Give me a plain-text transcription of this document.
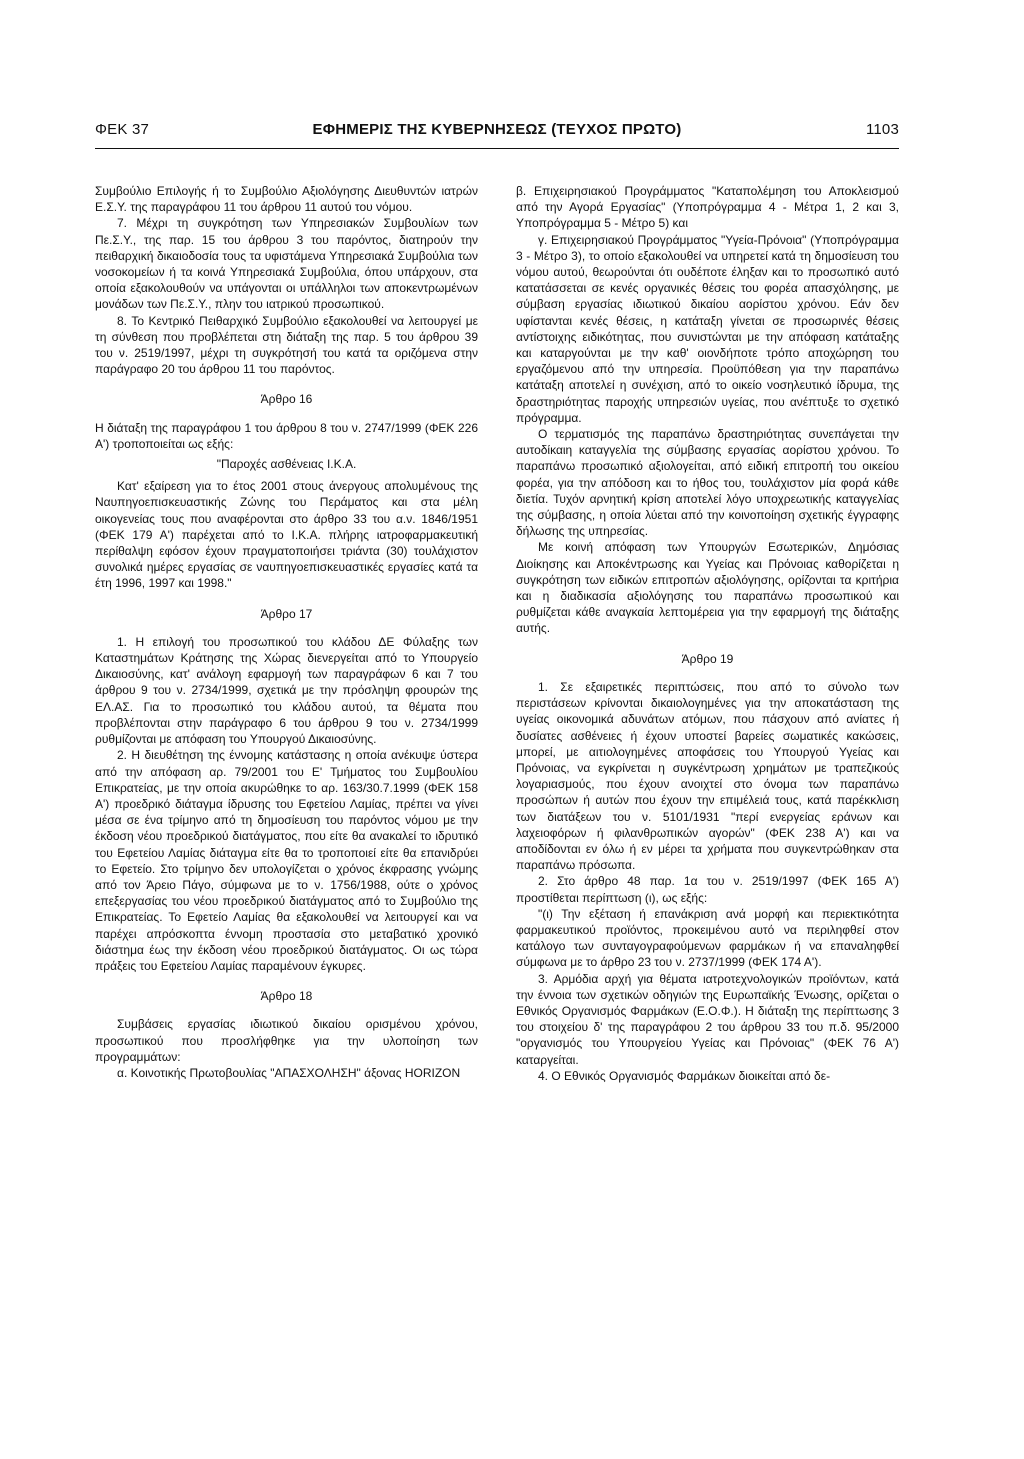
ΦΕΚ 37	ΕΦΗΜΕΡΙΣ ΤΗΣ ΚΥΒΕΡΝΗΣΕΩΣ (ΤΕΥΧΟΣ ΠΡΩΤΟ)	1103

Συμβούλιο Επιλογής ή το Συμβούλιο Αξιολόγησης Διευθυντών ιατρών Ε.Σ.Υ. της παραγράφου 11 του άρθρου 11 αυτού του νόμου.

7. Μέχρι τη συγκρότηση των Υπηρεσιακών Συμβουλίων των Πε.Σ.Υ., της παρ. 15 του άρθρου 3 του παρόντος, διατηρούν την πειθαρχική δικαιοδοσία τους τα υφιστάμενα Υπηρεσιακά Συμβούλια των νοσοκομείων ή τα κοινά Υπηρεσιακά Συμβούλια, όπου υπάρχουν, στα οποία εξακολουθούν να υπάγονται οι υπάλληλοι των αποκεντρωμένων μονάδων των Πε.Σ.Υ., πλην του ιατρικού προσωπικού.

8. Το Κεντρικό Πειθαρχικό Συμβούλιο εξακολουθεί να λειτουργεί με τη σύνθεση που προβλέπεται στη διάταξη της παρ. 5 του άρθρου 39 του ν. 2519/1997, μέχρι τη συγκρότησή του κατά τα οριζόμενα στην παράγραφο 20 του άρθρου 11 του παρόντος.

Άρθρο 16

Η διάταξη της παραγράφου 1 του άρθρου 8 του ν. 2747/1999 (ΦΕΚ 226 Α') τροποποιείται ως εξής:

"Παροχές ασθένειας Ι.Κ.Α.

Κατ' εξαίρεση για το έτος 2001 στους άνεργους απολυμένους της Ναυπηγοεπισκευαστικής Ζώνης του Περάματος και στα μέλη οικογενείας τους που αναφέρονται στο άρθρο 33 του α.ν. 1846/1951 (ΦΕΚ 179 Α') παρέχεται από το Ι.Κ.Α. πλήρης ιατροφαρμακευτική περίθαλψη εφόσον έχουν πραγματοποιήσει τριάντα (30) τουλάχιστον συνολικά ημέρες εργασίας σε ναυπηγοεπισκευαστικές εργασίες κατά τα έτη 1996, 1997 και 1998."

Άρθρο 17

1. Η επιλογή του προσωπικού του κλάδου ΔΕ Φύλαξης των Καταστημάτων Κράτησης της Χώρας διενεργείται από το Υπουργείο Δικαιοσύνης, κατ' ανάλογη εφαρμογή των παραγράφων 6 και 7 του άρθρου 9 του ν. 2734/1999, σχετικά με την πρόσληψη φρουρών της ΕΛ.ΑΣ. Για το προσωπικό του κλάδου αυτού, τα θέματα που προβλέπονται στην παράγραφο 6 του άρθρου 9 του ν. 2734/1999 ρυθμίζονται με απόφαση του Υπουργού Δικαιοσύνης.

2. Η διευθέτηση της έννομης κατάστασης η οποία ανέκυψε ύστερα από την απόφαση αρ. 79/2001 του Ε' Τμήματος του Συμβουλίου Επικρατείας, με την οποία ακυρώθηκε το αρ. 163/30.7.1999 (ΦΕΚ 158 Α') προεδρικό διάταγμα ίδρυσης του Εφετείου Λαμίας, πρέπει να γίνει μέσα σε ένα τρίμηνο από τη δημοσίευση του παρόντος νόμου με την έκδοση νέου προεδρικού διατάγματος, που είτε θα ανακαλεί το ιδρυτικό του Εφετείου Λαμίας διάταγμα είτε θα το τροποποιεί είτε θα επανιδρύει το Εφετείο. Στο τρίμηνο δεν υπολογίζεται ο χρόνος έκφρασης γνώμης από τον Άρειο Πάγο, σύμφωνα με το ν. 1756/1988, ούτε ο χρόνος επεξεργασίας του νέου προεδρικού διατάγματος από το Συμβούλιο της Επικρατείας. Το Εφετείο Λαμίας θα εξακολουθεί να λειτουργεί και να παρέχει απρόσκοπτα έννομη προστασία στο μεταβατικό χρονικό διάστημα έως την έκδοση νέου προεδρικού διατάγματος. Οι ως τώρα πράξεις του Εφετείου Λαμίας παραμένουν έγκυρες.

Άρθρο 18

Συμβάσεις εργασίας ιδιωτικού δικαίου ορισμένου χρόνου, προσωπικού που προσλήφθηκε για την υλοποίηση των προγραμμάτων:

α. Κοινοτικής Πρωτοβουλίας "ΑΠΑΣΧΟΛΗΣΗ" άξονας HORIZON

β. Επιχειρησιακού Προγράμματος "Καταπολέμηση του Αποκλεισμού από την Αγορά Εργασίας" (Υποπρόγραμμα 4 - Μέτρα 1, 2 και 3, Υποπρόγραμμα 5 - Μέτρο 5) και

γ. Επιχειρησιακού Προγράμματος "Υγεία-Πρόνοια" (Υποπρόγραμμα 3 - Μέτρο 3), το οποίο εξακολουθεί να υπηρετεί κατά τη δημοσίευση του νόμου αυτού, θεωρούνται ότι ουδέποτε έληξαν και το προσωπικό αυτό κατατάσσεται σε κενές οργανικές θέσεις του φορέα απασχόλησης, με σύμβαση εργασίας ιδιωτικού δικαίου αορίστου χρόνου. Εάν δεν υφίστανται κενές θέσεις, η κατάταξη γίνεται σε προσωρινές θέσεις αντίστοιχης ειδικότητας, που συνιστώνται με την απόφαση κατάταξης και καταργούνται με την καθ' οιονδήποτε τρόπο αποχώρηση του εργαζόμενου από την υπηρεσία. Προϋπόθεση για την παραπάνω κατάταξη αποτελεί η συνέχιση, από το οικείο νοσηλευτικό ίδρυμα, της δραστηριότητας παροχής υπηρεσιών υγείας, που ανέπτυξε το σχετικό πρόγραμμα.

Ο τερματισμός της παραπάνω δραστηριότητας συνεπάγεται την αυτοδίκαιη καταγγελία της σύμβασης εργασίας αορίστου χρόνου. Το παραπάνω προσωπικό αξιολογείται, από ειδική επιτροπή του οικείου φορέα, για την απόδοση και το ήθος του, τουλάχιστον μία φορά κάθε διετία. Τυχόν αρνητική κρίση αποτελεί λόγο υποχρεωτικής καταγγελίας της σύμβασης, η οποία λύεται από την κοινοποίηση σχετικής έγγραφης δήλωσης της υπηρεσίας.

Με κοινή απόφαση των Υπουργών Εσωτερικών, Δημόσιας Διοίκησης και Αποκέντρωσης και Υγείας και Πρόνοιας καθορίζεται η συγκρότηση των ειδικών επιτροπών αξιολόγησης, ορίζονται τα κριτήρια και η διαδικασία αξιολόγησης του παραπάνω προσωπικού και ρυθμίζεται κάθε αναγκαία λεπτομέρεια για την εφαρμογή της διάταξης αυτής.

Άρθρο 19

1. Σε εξαιρετικές περιπτώσεις, που από το σύνολο των περιστάσεων κρίνονται δικαιολογημένες για την αποκατάσταση της υγείας οικονομικά αδυνάτων ατόμων, που πάσχουν από ανίατες ή δυσίατες ασθένειες ή έχουν υποστεί βαρείες σωματικές κακώσεις, μπορεί, με αιτιολογημένες αποφάσεις του Υπουργού Υγείας και Πρόνοιας, να εγκρίνεται η συγκέντρωση χρημάτων με τραπεζικούς λογαριασμούς, που έχουν ανοιχτεί στο όνομα των παραπάνω προσώπων ή αυτών που έχουν την επιμέλειά τους, κατά παρέκκλιση των διατάξεων του ν. 5101/1931 "περί ενεργείας εράνων και λαχειοφόρων ή φιλανθρωπικών αγορών" (ΦΕΚ 238 Α') και να αποδίδονται εν όλω ή εν μέρει τα χρήματα που συγκεντρώθηκαν στα παραπάνω πρόσωπα.

2. Στο άρθρο 48 παρ. 1α του ν. 2519/1997 (ΦΕΚ 165 Α') προστίθεται περίπτωση (ι), ως εξής:

"(ι) Την εξέταση ή επανάκριση ανά μορφή και περιεκτικότητα φαρμακευτικού προϊόντος, προκειμένου αυτό να περιληφθεί στον κατάλογο των συνταγογραφούμενων φαρμάκων ή να επαναληφθεί σύμφωνα με το άρθρο 23 του ν. 2737/1999 (ΦΕΚ 174 Α').

3. Αρμόδια αρχή για θέματα ιατροτεχνολογικών προϊόντων, κατά την έννοια των σχετικών οδηγιών της Ευρωπαϊκής Ένωσης, ορίζεται ο Εθνικός Οργανισμός Φαρμάκων (Ε.Ο.Φ.). Η διάταξη της περίπτωσης 3 του στοιχείου δ' της παραγράφου 2 του άρθρου 33 του π.δ. 95/2000 "οργανισμός του Υπουργείου Υγείας και Πρόνοιας" (ΦΕΚ 76 Α') καταργείται.

4. Ο Εθνικός Οργανισμός Φαρμάκων διοικείται από δε-
